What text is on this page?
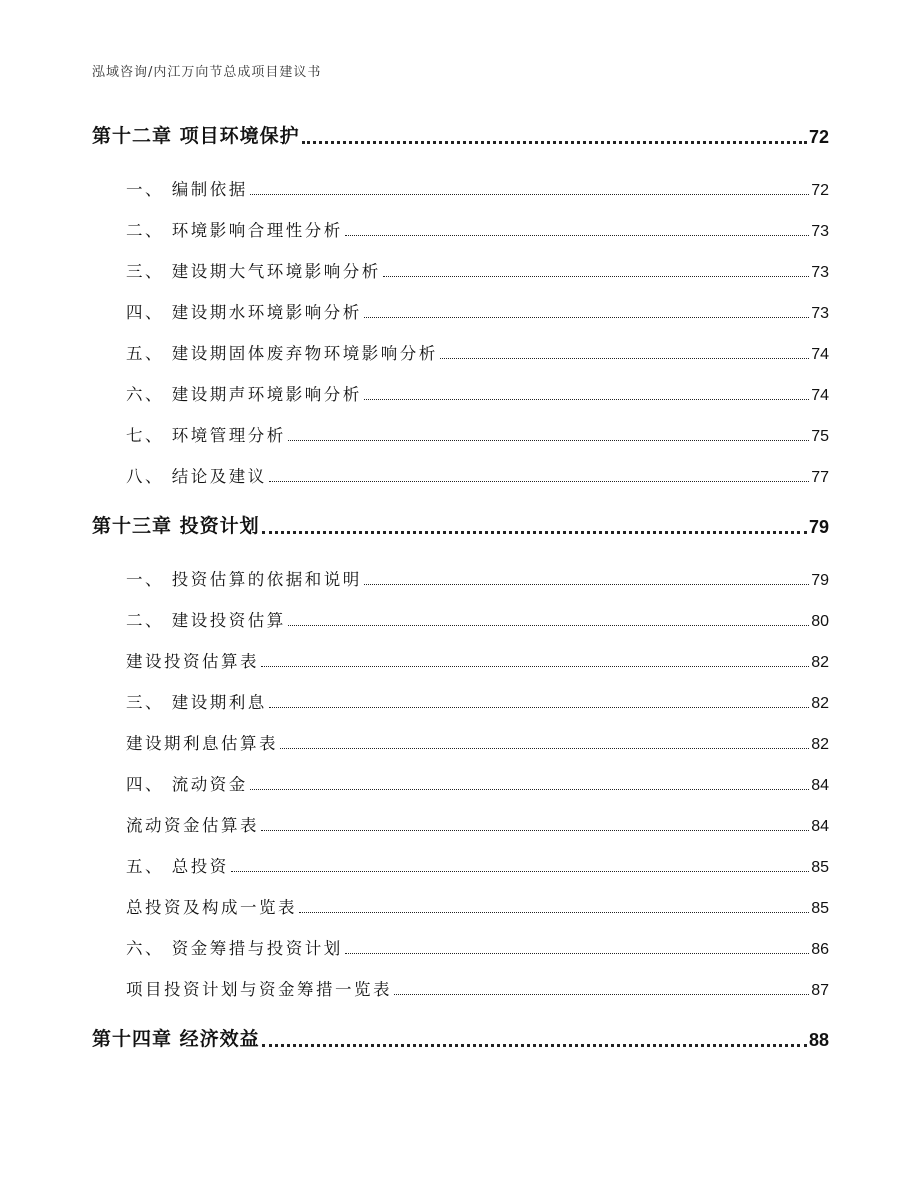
泓域咨询/内江万向节总成项目建议书
第十二章 项目环境保护	72
一、 编制依据	72
二、 环境影响合理性分析	73
三、 建设期大气环境影响分析	73
四、 建设期水环境影响分析	73
五、 建设期固体废弃物环境影响分析	74
六、 建设期声环境影响分析	74
七、 环境管理分析	75
八、 结论及建议	77
第十三章 投资计划	79
一、 投资估算的依据和说明	79
二、 建设投资估算	80
建设投资估算表	82
三、 建设期利息	82
建设期利息估算表	82
四、 流动资金	84
流动资金估算表	84
五、 总投资	85
总投资及构成一览表	85
六、 资金筹措与投资计划	86
项目投资计划与资金筹措一览表	87
第十四章 经济效益	88
